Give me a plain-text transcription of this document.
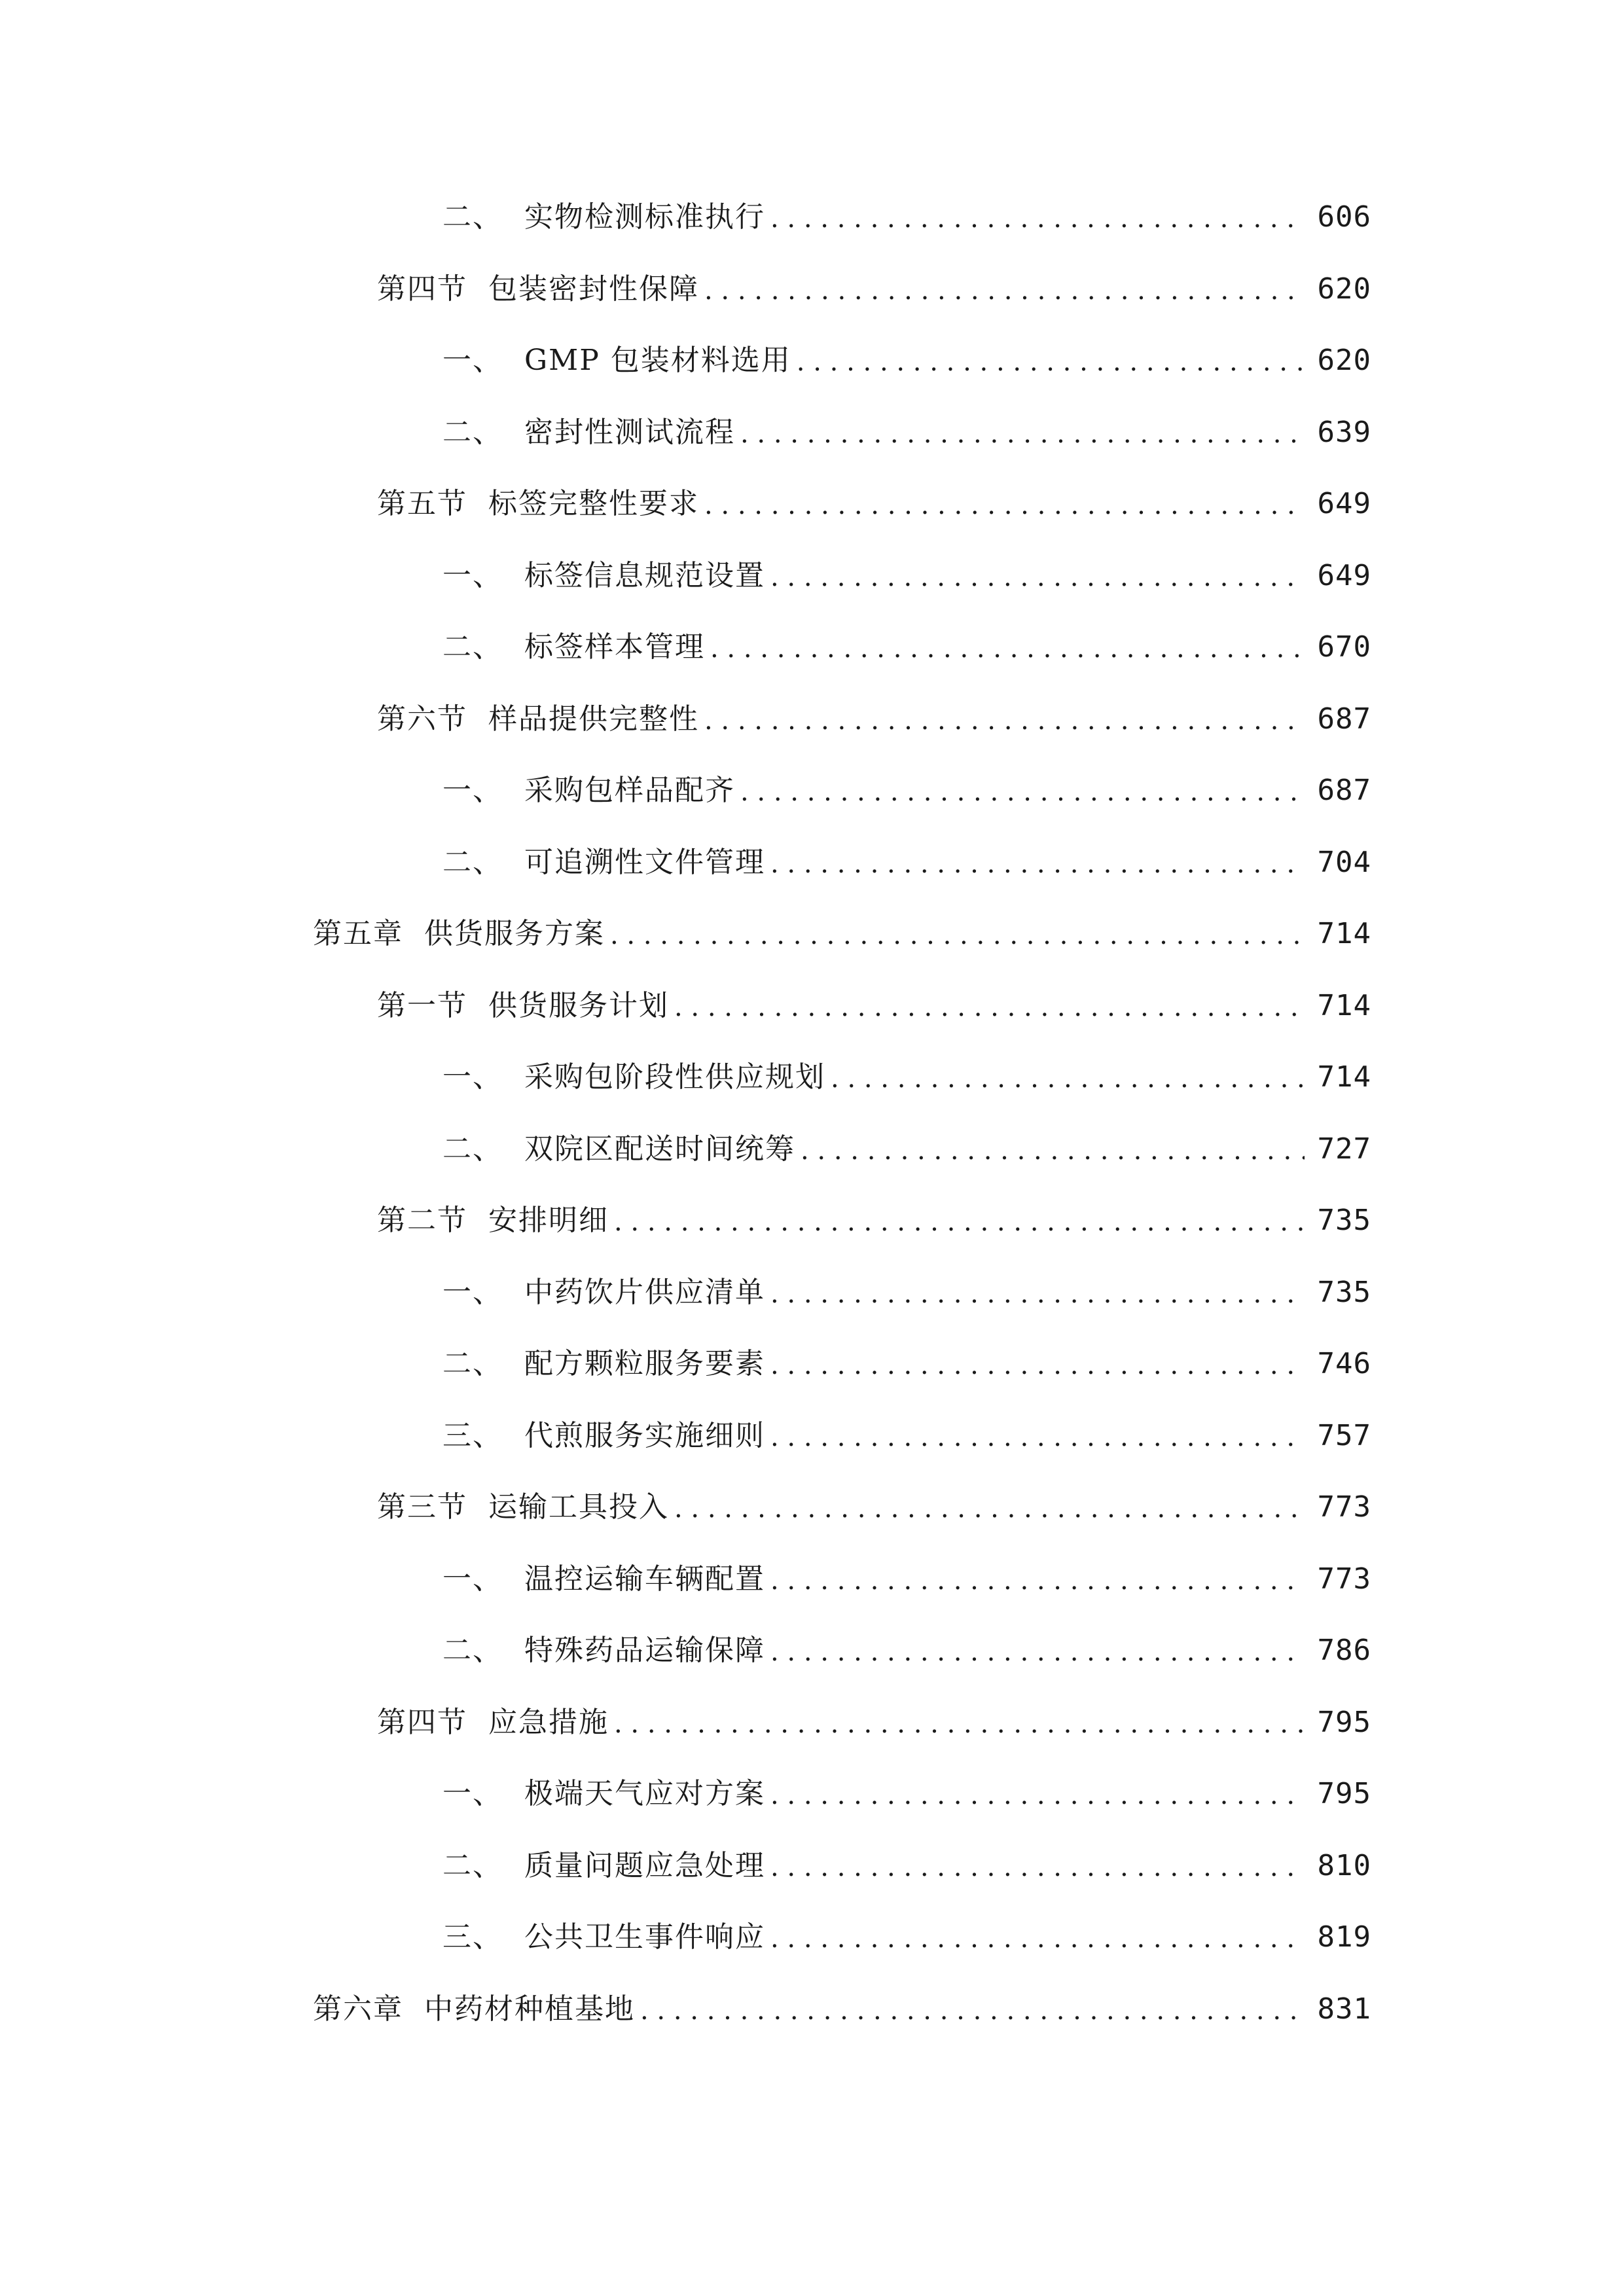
二、 实物检测标准执行 . . .	606
第四节 包装密封性保障 . . .	620
一、 GMP 包装材料选用 . . .	620
二、 密封性测试流程 . . .	639
第五节 标签完整性要求 . . .	649
一、 标签信息规范设置 . . .	649
二、 标签样本管理 . . .	670
第六节 样品提供完整性 . . .	687
一、 采购包样品配齐 . . .	687
二、 可追溯性文件管理 . . .	704
第五章 供货服务方案 . . .	714
第一节 供货服务计划 . . .	714
一、 采购包阶段性供应规划 . . .	714
二、 双院区配送时间统筹 . . .	727
第二节 安排明细 . . .	735
一、 中药饮片供应清单 . . .	735
二、 配方颗粒服务要素 . . .	746
三、 代煎服务实施细则 . . .	757
第三节 运输工具投入 . . .	773
一、 温控运输车辆配置 . . .	773
二、 特殊药品运输保障 . . .	786
第四节 应急措施 . . .	795
一、 极端天气应对方案 . . .	795
二、 质量问题应急处理 . . .	810
三、 公共卫生事件响应 . . .	819
第六章 中药材种植基地 . . .	831
